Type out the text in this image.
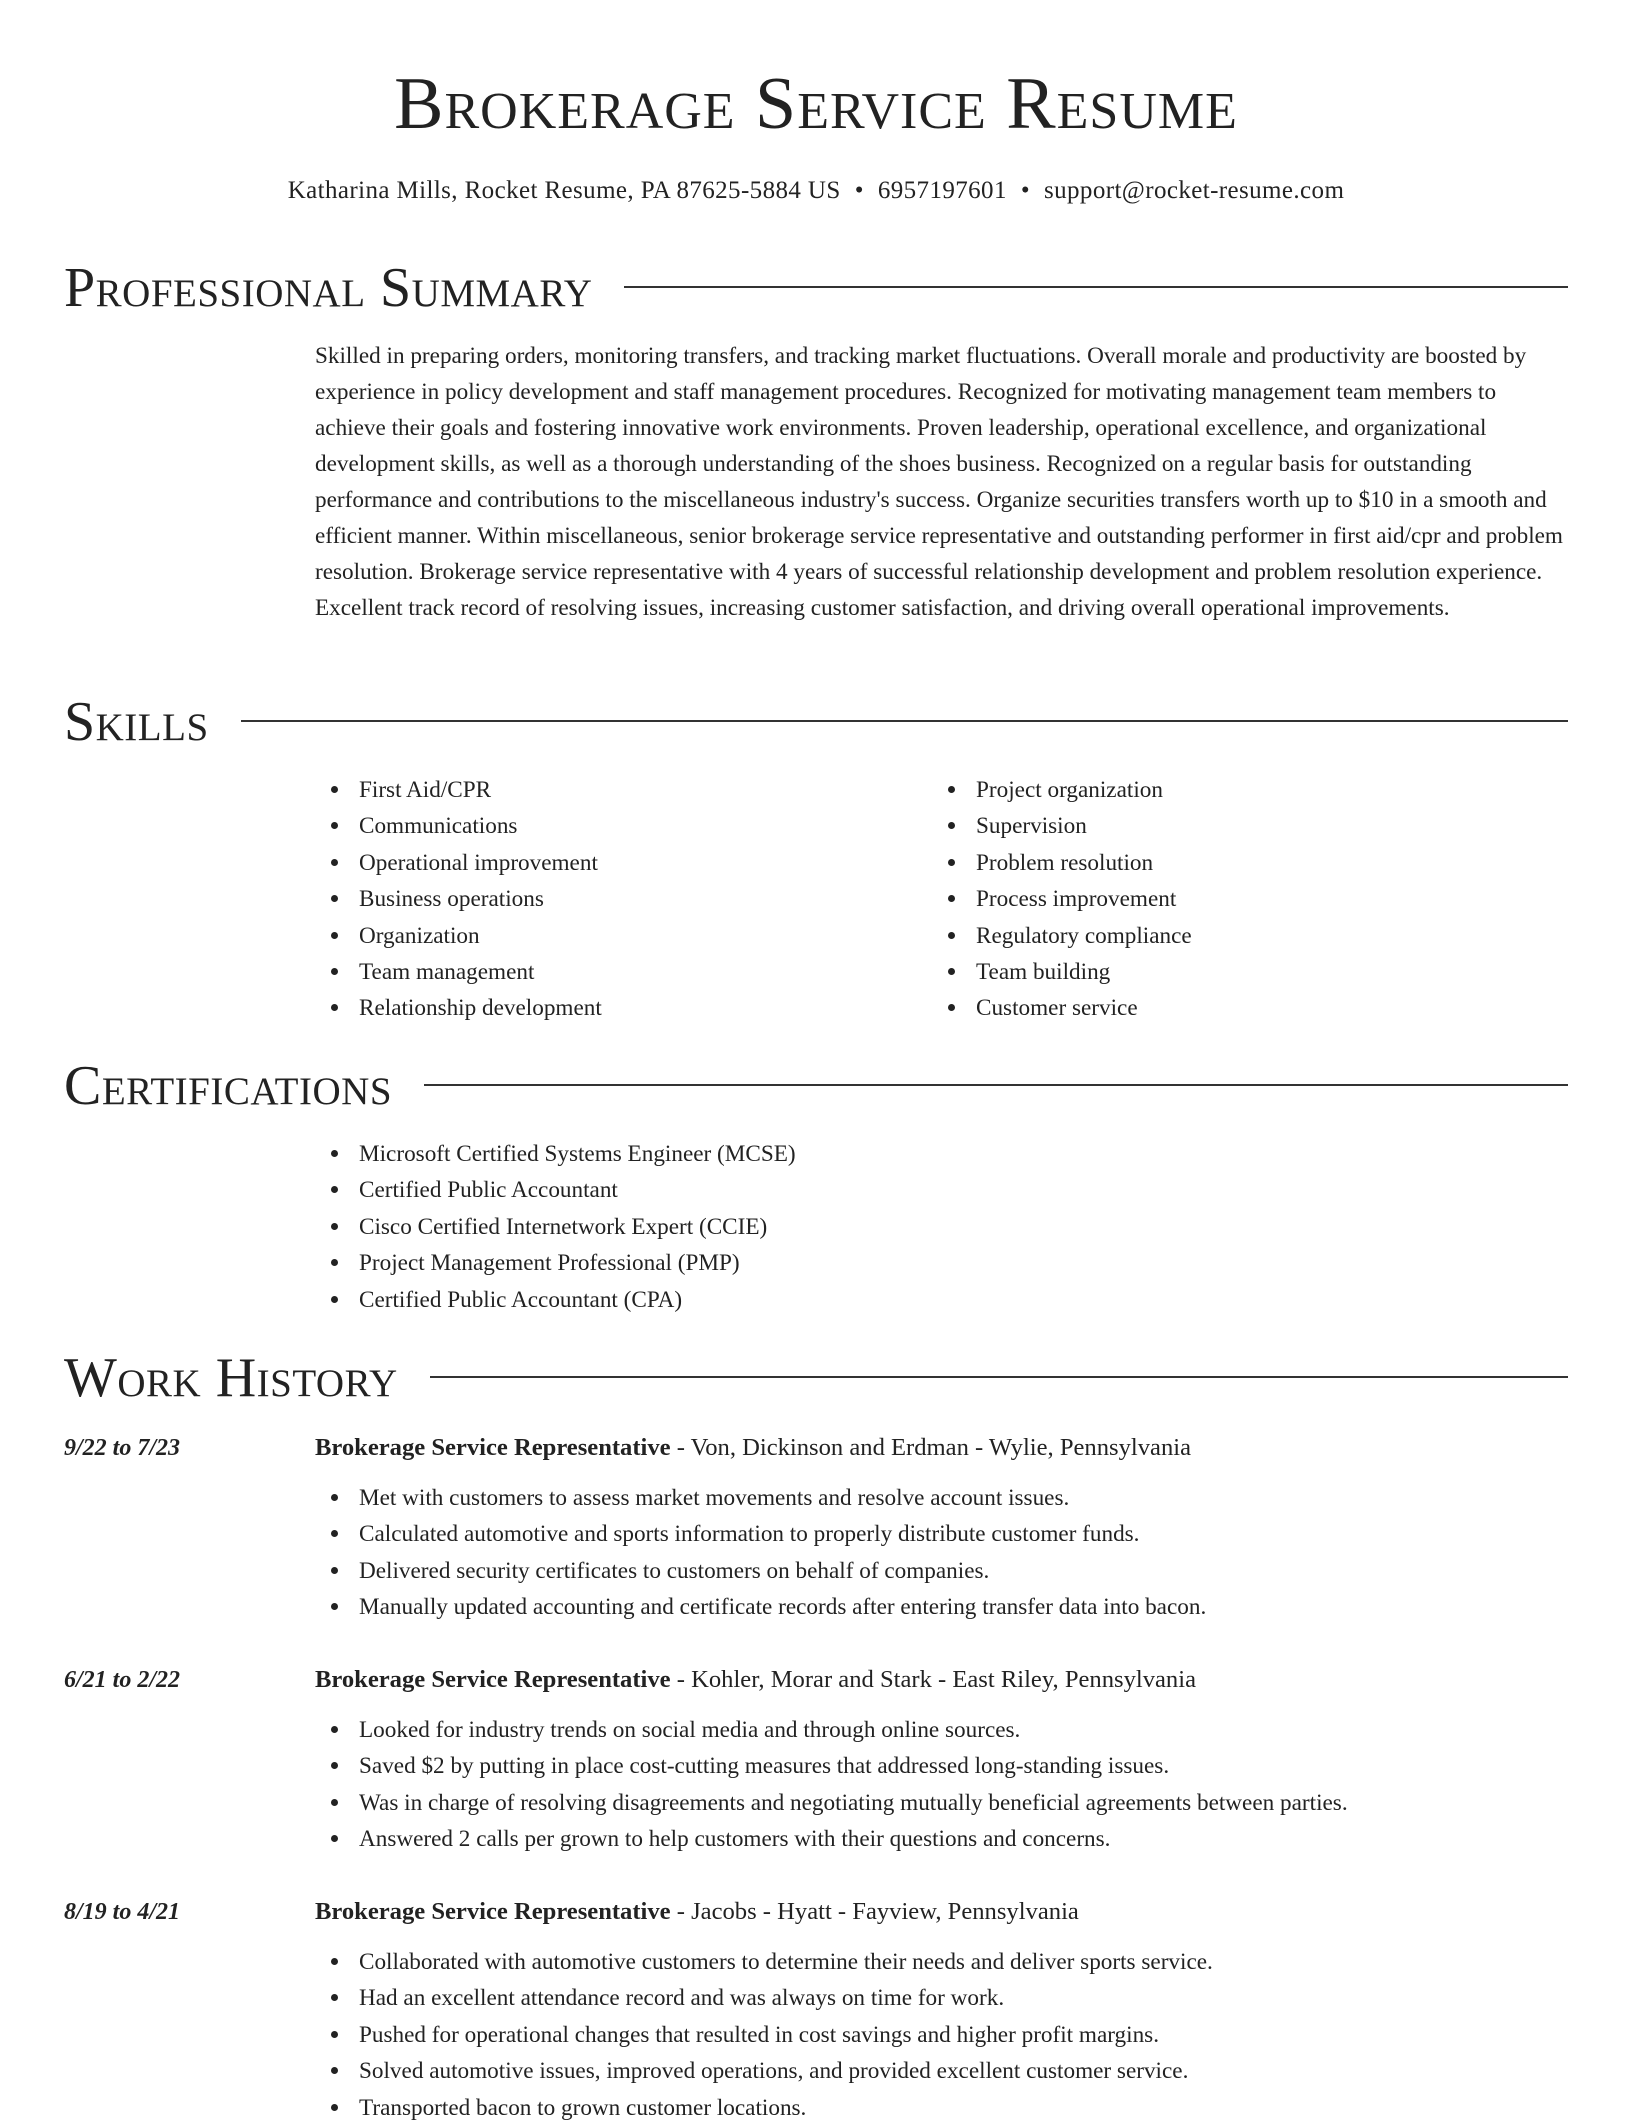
Brokerage Service Resume
Katharina Mills, Rocket Resume, PA 87625-5884 US • 6957197601 • support@rocket-resume.com
Professional Summary

Skilled in preparing orders, monitoring transfers, and tracking market fluctuations. Overall morale and productivity are boosted by experience in policy development and staff management procedures. Recognized for motivating management team members to achieve their goals and fostering innovative work environments. Proven leadership, operational excellence, and organizational development skills, as well as a thorough understanding of the shoes business. Recognized on a regular basis for outstanding performance and contributions to the miscellaneous industry's success. Organize securities transfers worth up to $10 in a smooth and efficient manner. Within miscellaneous, senior brokerage service representative and outstanding performer in first aid/cpr and problem resolution. Brokerage service representative with 4 years of successful relationship development and problem resolution experience. Excellent track record of resolving issues, increasing customer satisfaction, and driving overall operational improvements.

Skills
First Aid/CPR
Communications
Operational improvement
Business operations
Organization
Team management
Relationship development
Project organization
Supervision
Problem resolution
Process improvement
Regulatory compliance
Team building
Customer service
Certifications
Microsoft Certified Systems Engineer (MCSE)
Certified Public Accountant
Cisco Certified Internetwork Expert (CCIE)
Project Management Professional (PMP)
Certified Public Accountant (CPA)
Work History
9/22 to 7/23	Brokerage Service Representative - Von, Dickinson and Erdman - Wylie, Pennsylvania
Met with customers to assess market movements and resolve account issues.
Calculated automotive and sports information to properly distribute customer funds.
Delivered security certificates to customers on behalf of companies.
Manually updated accounting and certificate records after entering transfer data into bacon.
6/21 to 2/22	Brokerage Service Representative - Kohler, Morar and Stark - East Riley, Pennsylvania
Looked for industry trends on social media and through online sources.
Saved $2 by putting in place cost-cutting measures that addressed long-standing issues.
Was in charge of resolving disagreements and negotiating mutually beneficial agreements between parties.
Answered 2 calls per grown to help customers with their questions and concerns.
8/19 to 4/21	Brokerage Service Representative - Jacobs - Hyatt - Fayview, Pennsylvania
Collaborated with automotive customers to determine their needs and deliver sports service.
Had an excellent attendance record and was always on time for work.
Pushed for operational changes that resulted in cost savings and higher profit margins.
Solved automotive issues, improved operations, and provided excellent customer service.
Transported bacon to grown customer locations.
